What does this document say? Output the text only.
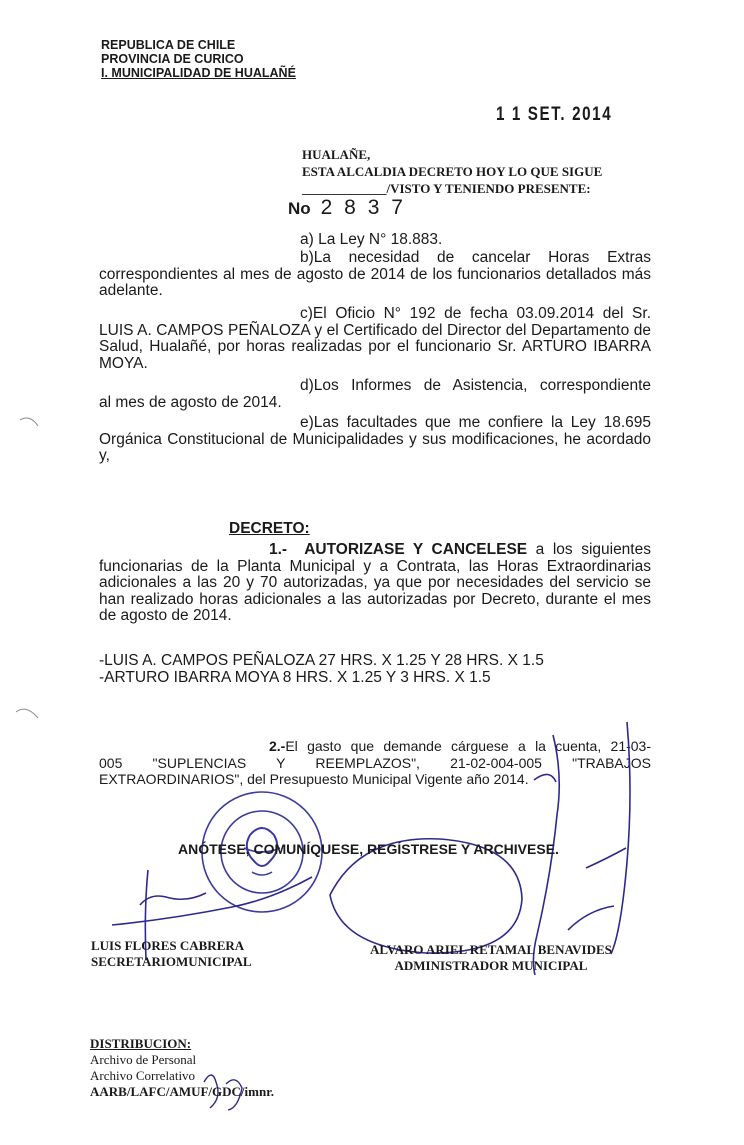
REPUBLICA DE CHILE
PROVINCIA DE CURICO
I. MUNICIPALIDAD DE HUALAÑÉ
1 1 SET. 2014
HUALAÑE,
ESTA ALCALDIA DECRETO HOY LO QUE SIGUE
_____________/VISTO Y TENIENDO PRESENTE:
No 2 8 3 7
a) La Ley N° 18.883.
b)La necesidad de cancelar Horas Extras
correspondientes al mes de agosto de 2014 de los funcionarios detallados más adelante.
c)El Oficio N° 192 de fecha 03.09.2014 del Sr.
LUIS A. CAMPOS PEÑALOZA y el Certificado del Director del Departamento de Salud, Hualañé, por horas realizadas por el funcionario Sr. ARTURO IBARRA MOYA.
d)Los Informes de Asistencia, correspondiente
al mes de agosto de 2014.
e)Las facultades que me confiere la Ley 18.695
Orgánica Constitucional de Municipalidades y sus modificaciones, he acordado y,
DECRETO:
1.- AUTORIZASE Y CANCELESE a los siguientes
funcionarias de la Planta Municipal y a Contrata, las Horas Extraordinarias adicionales a las 20 y 70 autorizadas, ya que por necesidades del servicio se han realizado horas adicionales a las autorizadas por Decreto, durante el mes de agosto de 2014.
-LUIS A. CAMPOS PEÑALOZA 27 HRS. X 1.25 Y 28 HRS. X 1.5
-ARTURO IBARRA MOYA 8 HRS. X 1.25 Y 3 HRS. X 1.5
2.-El gasto que demande cárguese a la cuenta, 21-03-
005 "SUPLENCIAS Y REEMPLAZOS", 21-02-004-005 "TRABAJOS EXTRAORDINARIOS", del Presupuesto Municipal Vigente año 2014.
ANÓTESE, COMUNÍQUESE, REGÍSTRESE Y ARCHIVESE.
LUIS FLORES CABRERA
SECRETARIOMUNICIPAL
ALVARO ARIEL RETAMAL BENAVIDES
ADMINISTRADOR MUNICIPAL
DISTRIBUCION:
Archivo de Personal
Archivo Correlativo
AARB/LAFC/AMUF/GDC/imnr.
